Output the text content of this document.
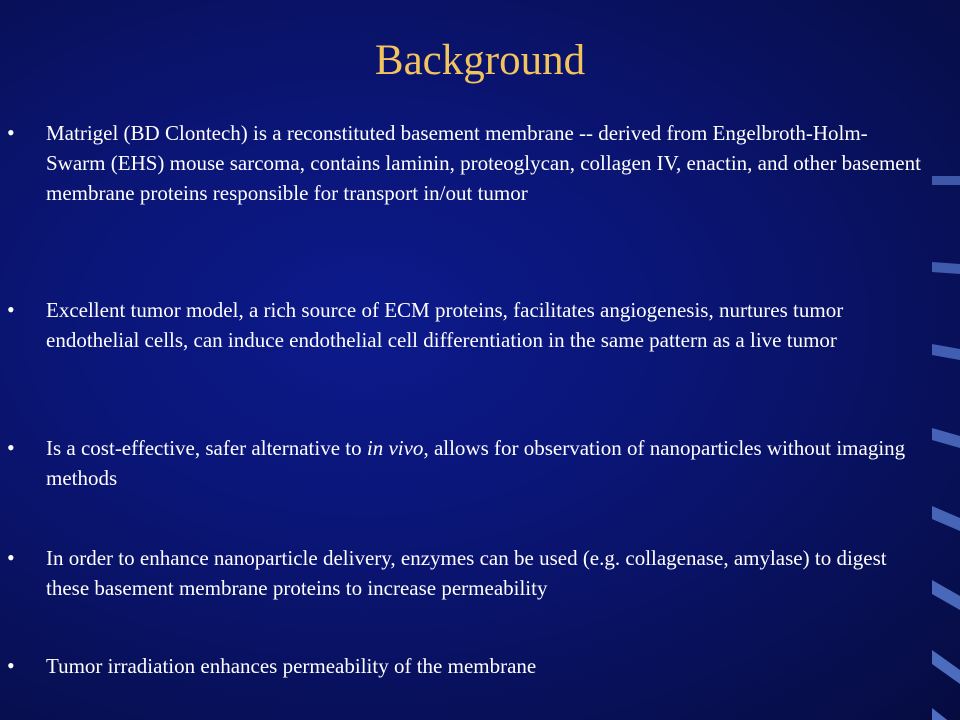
Background
• Matrigel (BD Clontech) is a reconstituted basement membrane -- derived from Engelbroth-Holm-Swarm (EHS) mouse sarcoma, contains laminin, proteoglycan, collagen IV, enactin, and other basement membrane proteins responsible for transport in/out tumor
• Excellent tumor model, a rich source of ECM proteins, facilitates angiogenesis, nurtures tumor endothelial cells, can induce endothelial cell differentiation in the same pattern as a live tumor
• Is a cost-effective, safer alternative to in vivo, allows for observation of nanoparticles without imaging methods
• In order to enhance nanoparticle delivery, enzymes can be used (e.g. collagenase, amylase) to digest these basement membrane proteins to increase permeability
• Tumor irradiation enhances permeability of the membrane
